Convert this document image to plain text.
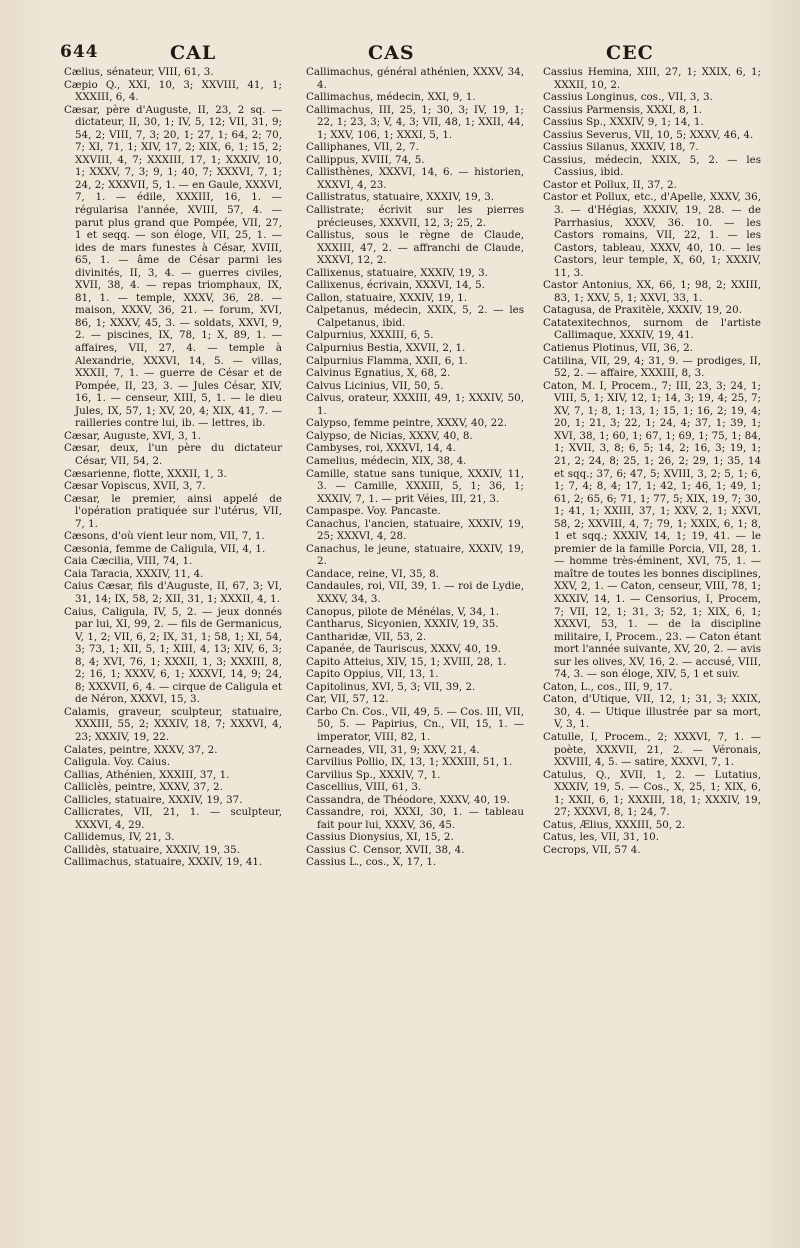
644	CAL	CAS	CEC

Cælius, sénateur, VIII, 61, 3.

Cæpio Q., XXI, 10, 3; XXVIII, 41, 1; XXXIII, 6, 4.

Cæsar, père d'Auguste, II, 23, 2 sq. — dictateur, II, 30, 1; IV, 5, 12; VII, 31, 9; 54, 2; VIII, 7, 3; 20, 1; 27, 1; 64, 2; 70, 7; XI, 71, 1; XIV, 17, 2; XIX, 6, 1; 15, 2; XXVIII, 4, 7; XXXIII, 17, 1; XXXIV, 10, 1; XXXV, 7, 3; 9, 1; 40, 7; XXXVI, 7, 1; 24, 2; XXXVII, 5, 1. — en Gaule, XXXVI, 7, 1. — édile, XXXIII, 16, 1. — régularisa l'année, XVIII, 57, 4. — parut plus grand que Pompée, VII, 27, 1 et seqq. — son éloge, VII, 25, 1. — ides de mars funestes à César, XVIII, 65, 1. — âme de César parmi les divinités, II, 3, 4. — guerres civiles, XVII, 38, 4. — repas triomphaux, IX, 81, 1. — temple, XXXV, 36, 28. — maison, XXXV, 36, 21. — forum, XVI, 86, 1; XXXV, 45, 3. — soldats, XXVI, 9, 2. — piscines, IX, 78, 1; X, 89, 1. — affaires, VII, 27, 4. — temple à Alexandrie, XXXVI, 14, 5. — villas, XXXII, 7, 1. — guerre de César et de Pompée, II, 23, 3. — Jules César, XIV, 16, 1. — censeur, XIII, 5, 1. — le dieu Jules, IX, 57, 1; XV, 20, 4; XIX, 41, 7. — railleries contre lui, ib. — lettres, ib.

Cæsar, Auguste, XVI, 3, 1.

Cæsar, deux, l'un père du dictateur César, VII, 54, 2.

Cæsarienne, flotte, XXXII, 1, 3.

Cæsar Vopiscus, XVII, 3, 7.

Cæsar, le premier, ainsi appelé de l'opération pratiquée sur l'utérus, VII, 7, 1.

Cæsons, d'où vient leur nom, VII, 7, 1.

Cæsonia, femme de Caligula, VII, 4, 1.

Caia Cæcilia, VIII, 74, 1.

Caia Taracia, XXXIV, 11, 4.

Caius Cæsar, fils d'Auguste, II, 67, 3; VI, 31, 14; IX, 58, 2; XII, 31, 1; XXXII, 4, 1.

Caius, Caligula, IV, 5, 2. — jeux donnés par lui, XI, 99, 2. — fils de Germanicus, V, 1, 2; VII, 6, 2; IX, 31, 1; 58, 1; XI, 54, 3; 73, 1; XII, 5, 1; XIII, 4, 13; XIV, 6, 3; 8, 4; XVI, 76, 1; XXXII, 1, 3; XXXIII, 8, 2; 16, 1; XXXV, 6, 1; XXXVI, 14, 9; 24, 8; XXXVII, 6, 4. — cirque de Caligula et de Néron, XXXVI, 15, 3.

Calamis, graveur, sculpteur, statuaire, XXXIII, 55, 2; XXXIV, 18, 7; XXXVI, 4, 23; XXXIV, 19, 22.

Calates, peintre, XXXV, 37, 2.

Caligula. Voy. Caius.

Callias, Athénien, XXXIII, 37, 1.

Calliclès, peintre, XXXV, 37, 2.

Callicles, statuaire, XXXIV, 19, 37.

Callicrates, VII, 21, 1. — sculpteur, XXXVI, 4, 29.

Callidemus, IV, 21, 3.

Callidès, statuaire, XXXIV, 19, 35.

Callimachus, statuaire, XXXIV, 19, 41.

Callimachus, général athénien, XXXV, 34, 4.

Callimachus, médecin, XXI, 9, 1.

Callimachus, III, 25, 1; 30, 3; IV, 19, 1; 22, 1; 23, 3; V, 4, 3; VII, 48, 1; XXII, 44, 1; XXV, 106, 1; XXXI, 5, 1.

Calliphanes, VII, 2, 7.

Callippus, XVIII, 74, 5.

Callisthènes, XXXVI, 14, 6. — historien, XXXVI, 4, 23.

Callistratus, statuaire, XXXIV, 19, 3.

Callistrate; écrivit sur les pierres précieuses, XXXVII, 12, 3; 25, 2.

Callistus, sous le règne de Claude, XXXIII, 47, 2. — affranchi de Claude, XXXVI, 12, 2.

Callixenus, statuaire, XXXIV, 19, 3.

Callixenus, écrivain, XXXVI, 14, 5.

Callon, statuaire, XXXIV, 19, 1.

Calpetanus, médecin, XXIX, 5, 2. — les Calpetanus, ibid.

Calpurnius, XXXIII, 6, 5.

Calpurnius Bestia, XXVII, 2, 1.

Calpurnius Flamma, XXII, 6, 1.

Calvinus Egnatius, X, 68, 2.

Calvus Licinius, VII, 50, 5.

Calvus, orateur, XXXIII, 49, 1; XXXIV, 50, 1.

Calypso, femme peintre, XXXV, 40, 22.

Calypso, de Nicias, XXXV, 40, 8.

Cambyses, roi, XXXVI, 14, 4.

Camelius, médecin, XIX, 38, 4.

Camille, statue sans tunique, XXXIV, 11, 3. — Camille, XXXIII, 5, 1; 36, 1; XXXIV, 7, 1. — prit Véies, III, 21, 3.

Campaspe. Voy. Pancaste.

Canachus, l'ancien, statuaire, XXXIV, 19, 25; XXXVI, 4, 28.

Canachus, le jeune, statuaire, XXXIV, 19, 2.

Candace, reine, VI, 35, 8.

Candaules, roi, VII, 39, 1. — roi de Lydie, XXXV, 34, 3.

Canopus, pilote de Ménélas, V, 34, 1.

Cantharus, Sicyonien, XXXIV, 19, 35.

Cantharidæ, VII, 53, 2.

Capanée, de Tauriscus, XXXV, 40, 19.

Capito Atteius, XIV, 15, 1; XVIII, 28, 1.

Capito Oppius, VII, 13, 1.

Capitolinus, XVI, 5, 3; VII, 39, 2.

Car, VII, 57, 12.

Carbo Cn. Cos., VII, 49, 5. — Cos. III, VII, 50, 5. — Papirius, Cn., VII, 15, 1. — imperator, VIII, 82, 1.

Carneades, VII, 31, 9; XXV, 21, 4.

Carvilius Pollio, IX, 13, 1; XXXIII, 51, 1.

Carvilius Sp., XXXIV, 7, 1.

Cascellius, VIII, 61, 3.

Cassandra, de Théodore, XXXV, 40, 19.

Cassandre, roi, XXXI, 30, 1. — tableau fait pour lui, XXXV, 36, 45.

Cassius Dionysius, XI, 15, 2.

Cassius C. Censor, XVII, 38, 4.

Cassius L., cos., X, 17, 1.

Cassius Hemina, XIII, 27, 1; XXIX, 6, 1; XXXII, 10, 2.

Cassius Longinus, cos., VII, 3, 3.

Cassius Parmensis, XXXI, 8, 1.

Cassius Sp., XXXIV, 9, 1; 14, 1.

Cassius Severus, VII, 10, 5; XXXV, 46, 4.

Cassius Silanus, XXXIV, 18, 7.

Cassius, médecin, XXIX, 5, 2. — les Cassius, ibid.

Castor et Pollux, II, 37, 2.

Castor et Pollux, etc., d'Apelle, XXXV, 36, 3. — d'Hégias, XXXIV, 19, 28. — de Parrhasius, XXXV, 36. 10. — les Castors romains, VII, 22, 1. — les Castors, tableau, XXXV, 40, 10. — les Castors, leur temple, X, 60, 1; XXXIV, 11, 3.

Castor Antonius, XX, 66, 1; 98, 2; XXIII, 83, 1; XXV, 5, 1; XXVI, 33, 1.

Catagusa, de Praxitèle, XXXIV, 19, 20.

Catatexitechnos, surnom de l'artiste Callimaque, XXXIV, 19, 41.

Catienus Plotinus, VII, 36, 2.

Catilina, VII, 29, 4; 31, 9. — prodiges, II, 52, 2. — affaire, XXXIII, 8, 3.

Caton, M. I, Procem., 7; III, 23, 3; 24, 1; VIII, 5, 1; XIV, 12, 1; 14, 3; 19, 4; 25, 7; XV, 7, 1; 8, 1; 13, 1; 15, 1; 16, 2; 19, 4; 20, 1; 21, 3; 22, 1; 24, 4; 37, 1; 39, 1; XVI, 38, 1; 60, 1; 67, 1; 69, 1; 75, 1; 84, 1; XVII, 3, 8; 6, 5; 14, 2; 16, 3; 19, 1; 21, 2; 24, 8; 25, 1; 26, 2; 29, 1; 35, 14 et sqq.; 37, 6; 47, 5; XVIII, 3, 2; 5, 1; 6, 1; 7, 4; 8, 4; 17, 1; 42, 1; 46, 1; 49, 1; 61, 2; 65, 6; 71, 1; 77, 5; XIX, 19, 7; 30, 1; 41, 1; XXIII, 37, 1; XXV, 2, 1; XXVI, 58, 2; XXVIII, 4, 7; 79, 1; XXIX, 6, 1; 8, 1 et sqq.; XXXIV, 14, 1; 19, 41. — le premier de la famille Porcia, VII, 28, 1. — homme très-éminent, XVI, 75, 1. — maître de toutes les bonnes disciplines, XXV, 2, 1. — Caton, censeur, VIII, 78, 1; XXXIV, 14, 1. — Censorius, I, Procem, 7; VII, 12, 1; 31, 3; 52, 1; XIX, 6, 1; XXXVI, 53, 1. — de la discipline militaire, I, Procem., 23. — Caton étant mort l'année suivante, XV, 20, 2. — avis sur les olives, XV, 16, 2. — accusé, VIII, 74, 3. — son éloge, XIV, 5, 1 et suiv.

Caton, L., cos., III, 9, 17.

Caton, d'Utique, VII, 12, 1; 31, 3; XXIX, 30, 4. — Utique illustrée par sa mort, V, 3, 1.

Catulle, I, Procem., 2; XXXVI, 7, 1. — poète, XXXVII, 21, 2. — Véronais, XXVIII, 4, 5. — satire, XXXVI, 7, 1.

Catulus, Q., XVII, 1, 2. — Lutatius, XXXIV, 19, 5. — Cos., X, 25, 1; XIX, 6, 1; XXII, 6, 1; XXXIII, 18, 1; XXXIV, 19, 27; XXXVI, 8, 1; 24, 7.

Catus, Ælius, XXXIII, 50, 2.

Catus, les, VII, 31, 10.

Cecrops, VII, 57 4.
